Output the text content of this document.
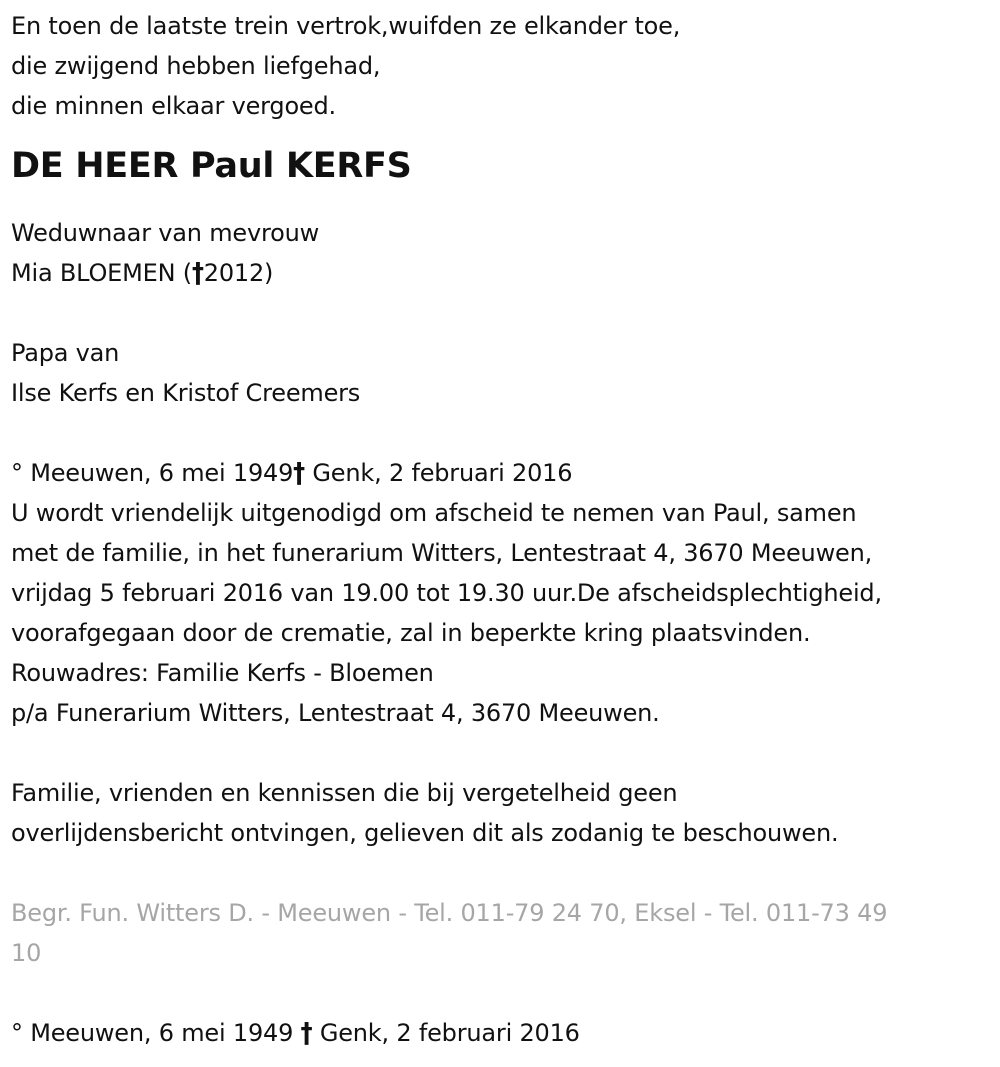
En toen de laatste trein vertrok,wuifden ze elkander toe,
die zwijgend hebben liefgehad,
die minnen elkaar vergoed.
DE HEER Paul KERFS
Weduwnaar van mevrouw
Mia BLOEMEN (†2012)
Papa van
Ilse Kerfs en Kristof Creemers
° Meeuwen, 6 mei 1949† Genk, 2 februari 2016
U wordt vriendelijk uitgenodigd om afscheid te nemen van Paul, samen
met de familie, in het funerarium Witters, Lentestraat 4, 3670 Meeuwen,
vrijdag 5 februari 2016 van 19.00 tot 19.30 uur.De afscheidsplechtigheid,
voorafgegaan door de crematie, zal in beperkte kring plaatsvinden.
Rouwadres: Familie Kerfs - Bloemen
p/a Funerarium Witters, Lentestraat 4, 3670 Meeuwen.
Familie, vrienden en kennissen die bij vergetelheid geen
overlijdensbericht ontvingen, gelieven dit als zodanig te beschouwen.
Begr. Fun. Witters D. - Meeuwen - Tel. 011-79 24 70, Eksel - Tel. 011-73 49
10
° Meeuwen, 6 mei 1949 † Genk, 2 februari 2016
